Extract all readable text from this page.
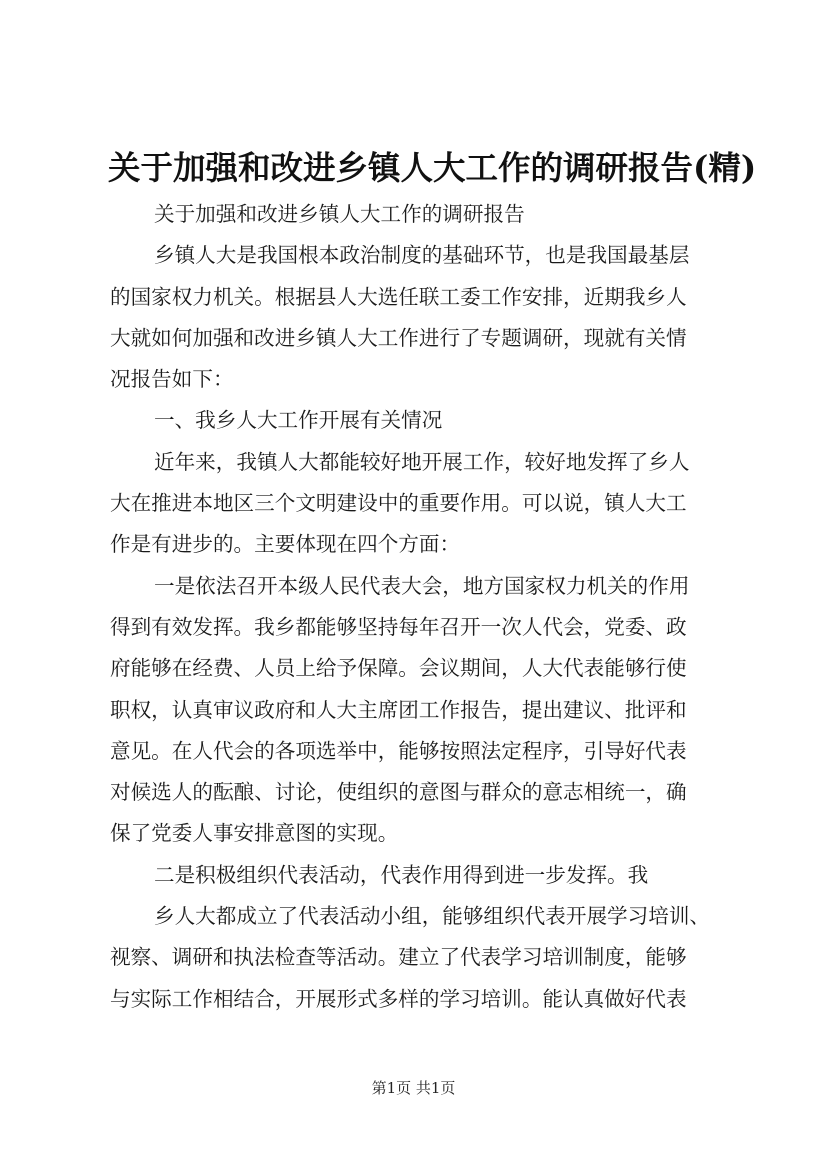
关于加强和改进乡镇人大工作的调研报告(精)
关于加强和改进乡镇人大工作的调研报告
乡镇人大是我国根本政治制度的基础环节，也是我国最基层
的国家权力机关。根据县人大选任联工委工作安排，近期我乡人
大就如何加强和改进乡镇人大工作进行了专题调研，现就有关情
况报告如下：
一、我乡人大工作开展有关情况
近年来，我镇人大都能较好地开展工作，较好地发挥了乡人
大在推进本地区三个文明建设中的重要作用。可以说，镇人大工
作是有进步的。主要体现在四个方面：
一是依法召开本级人民代表大会，地方国家权力机关的作用
得到有效发挥。我乡都能够坚持每年召开一次人代会，党委、政
府能够在经费、人员上给予保障。会议期间，人大代表能够行使
职权，认真审议政府和人大主席团工作报告，提出建议、批评和
意见。在人代会的各项选举中，能够按照法定程序，引导好代表
对候选人的酝酿、讨论，使组织的意图与群众的意志相统一，确
保了党委人事安排意图的实现。
二是积极组织代表活动，代表作用得到进一步发挥。我
乡人大都成立了代表活动小组，能够组织代表开展学习培训、
视察、调研和执法检查等活动。建立了代表学习培训制度，能够
与实际工作相结合，开展形式多样的学习培训。能认真做好代表
第1页 共1页
